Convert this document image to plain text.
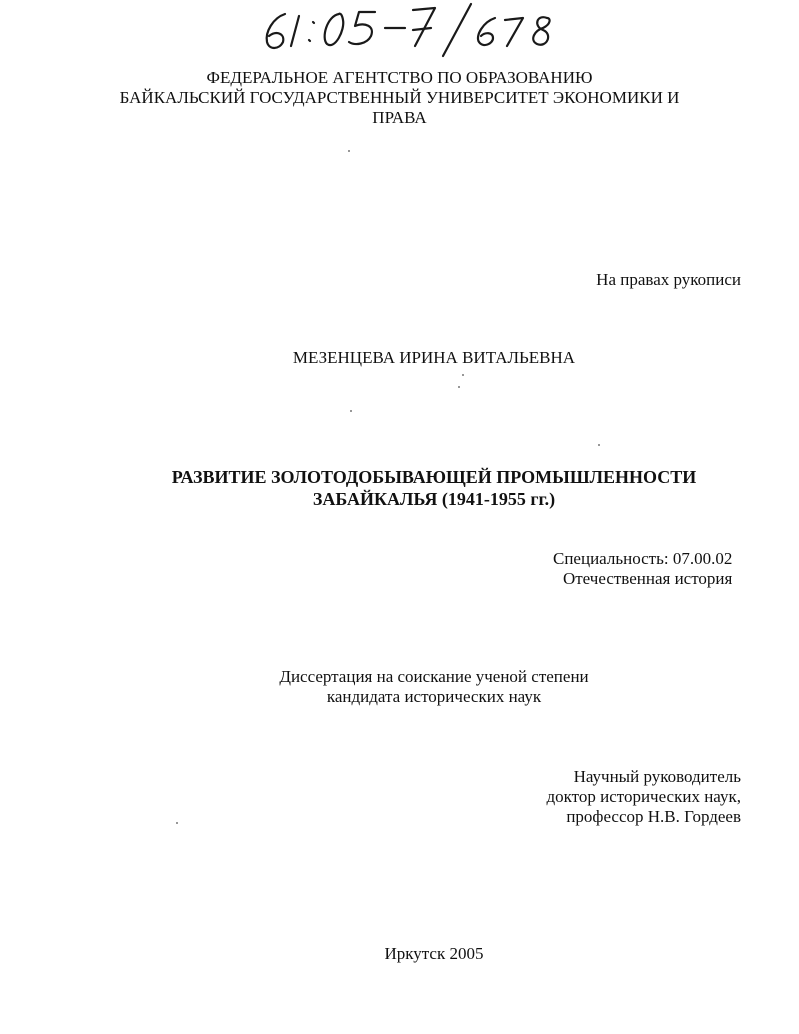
ФЕДЕРАЛЬНОЕ АГЕНТСТВО ПО ОБРАЗОВАНИЮ
БАЙКАЛЬСКИЙ ГОСУДАРСТВЕННЫЙ УНИВЕРСИТЕТ ЭКОНОМИКИ И
ПРАВА
На правах рукописи
МЕЗЕНЦЕВА ИРИНА ВИТАЛЬЕВНА
РАЗВИТИЕ ЗОЛОТОДОБЫВАЮЩЕЙ ПРОМЫШЛЕННОСТИ
ЗАБАЙКАЛЬЯ (1941-1955 гг.)
Специальность: 07.00.02
Отечественная история
Диссертация на соискание ученой степени
кандидата исторических наук
Научный руководитель
доктор исторических наук,
профессор Н.В. Гордеев
Иркутск 2005
